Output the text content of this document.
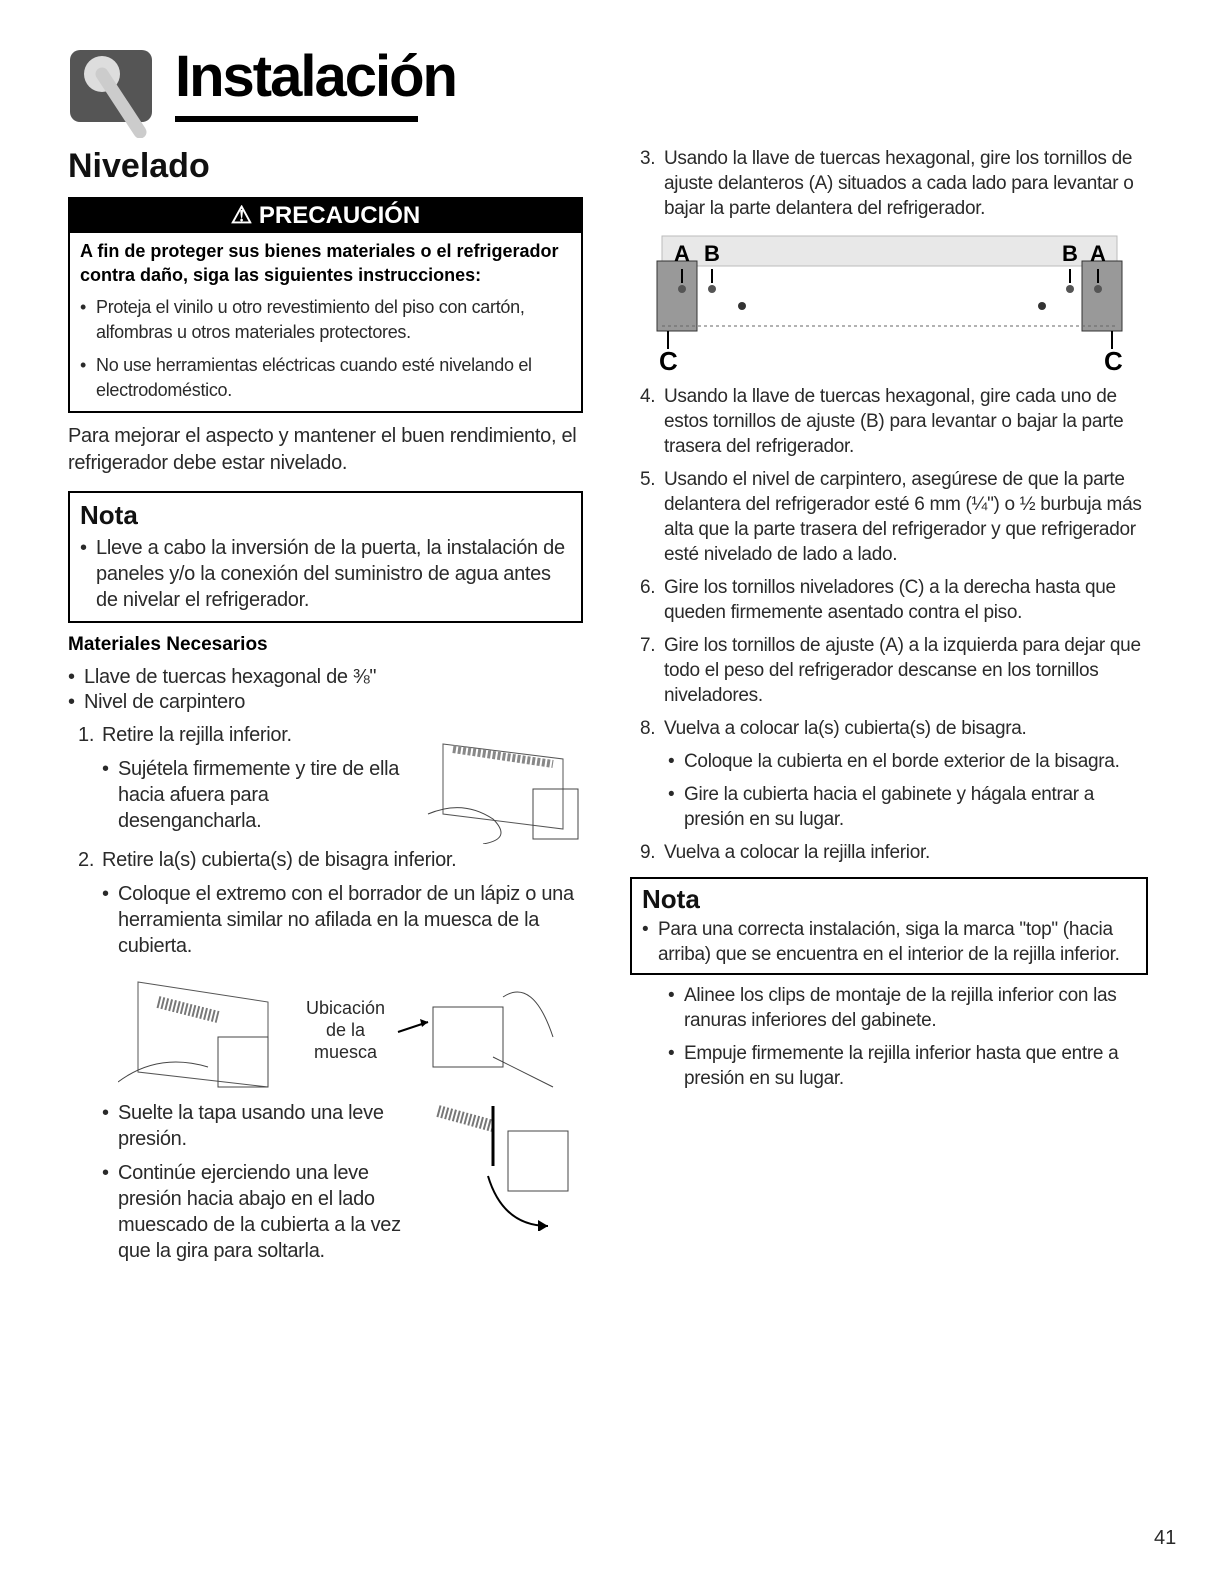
Instalación
Nivelado
⚠ PRECAUCIÓN
A fin de proteger sus bienes materiales o el refrigerador contra daño, siga las siguientes instrucciones:
• Proteja el vinilo u otro revestimiento del piso con cartón, alfombras u otros materiales protectores.
• No use herramientas eléctricas cuando esté nivelando el electrodoméstico.
Para mejorar el aspecto y mantener el buen rendimiento, el refrigerador debe estar nivelado.
Nota
• Lleve a cabo la inversión de la puerta, la instalación de paneles y/o la conexión del suministro de agua antes de nivelar el refrigerador.
Materiales Necesarios
• Llave de tuercas hexagonal de ⅜"
• Nivel de carpintero
1. Retire la rejilla inferior.
• Sujétela firmemente y tire de ella hacia afuera para desengancharla.
2. Retire la(s) cubierta(s) de bisagra inferior.
• Coloque el extremo con el borrador de un lápiz o una herramienta similar no afilada en la muesca de la cubierta.
Ubicación
de la
muesca
• Suelte la tapa usando una leve presión.
• Continúe ejerciendo una leve presión hacia abajo en el lado muescado de la cubierta a la vez que la gira para soltarla.
3. Usando la llave de tuercas hexagonal, gire los tornillos de ajuste delanteros (A) situados a cada lado para levantar o bajar la parte delantera del refrigerador.
A B	B A
C	C
4. Usando la llave de tuercas hexagonal, gire cada uno de estos tornillos de ajuste (B) para levantar o bajar la parte trasera del refrigerador.
5. Usando el nivel de carpintero, asegúrese de que la parte delantera del refrigerador esté 6 mm (¼") o ½ burbuja más alta que la parte trasera del refrigerador y que refrigerador esté nivelado de lado a lado.
6. Gire los tornillos niveladores (C) a la derecha hasta que queden firmemente asentado contra el piso.
7. Gire los tornillos de ajuste (A) a la izquierda para dejar que todo el peso del refrigerador descanse en los tornillos niveladores.
8. Vuelva a colocar la(s) cubierta(s) de bisagra.
• Coloque la cubierta en el borde exterior de la bisagra.
• Gire la cubierta hacia el gabinete y hágala entrar a presión en su lugar.
9. Vuelva a colocar la rejilla inferior.
Nota
• Para una correcta instalación, siga la marca "top" (hacia arriba) que se encuentra en el interior de la rejilla inferior.
• Alinee los clips de montaje de la rejilla inferior con las ranuras inferiores del gabinete.
• Empuje firmemente la rejilla inferior hasta que entre a presión en su lugar.
41
